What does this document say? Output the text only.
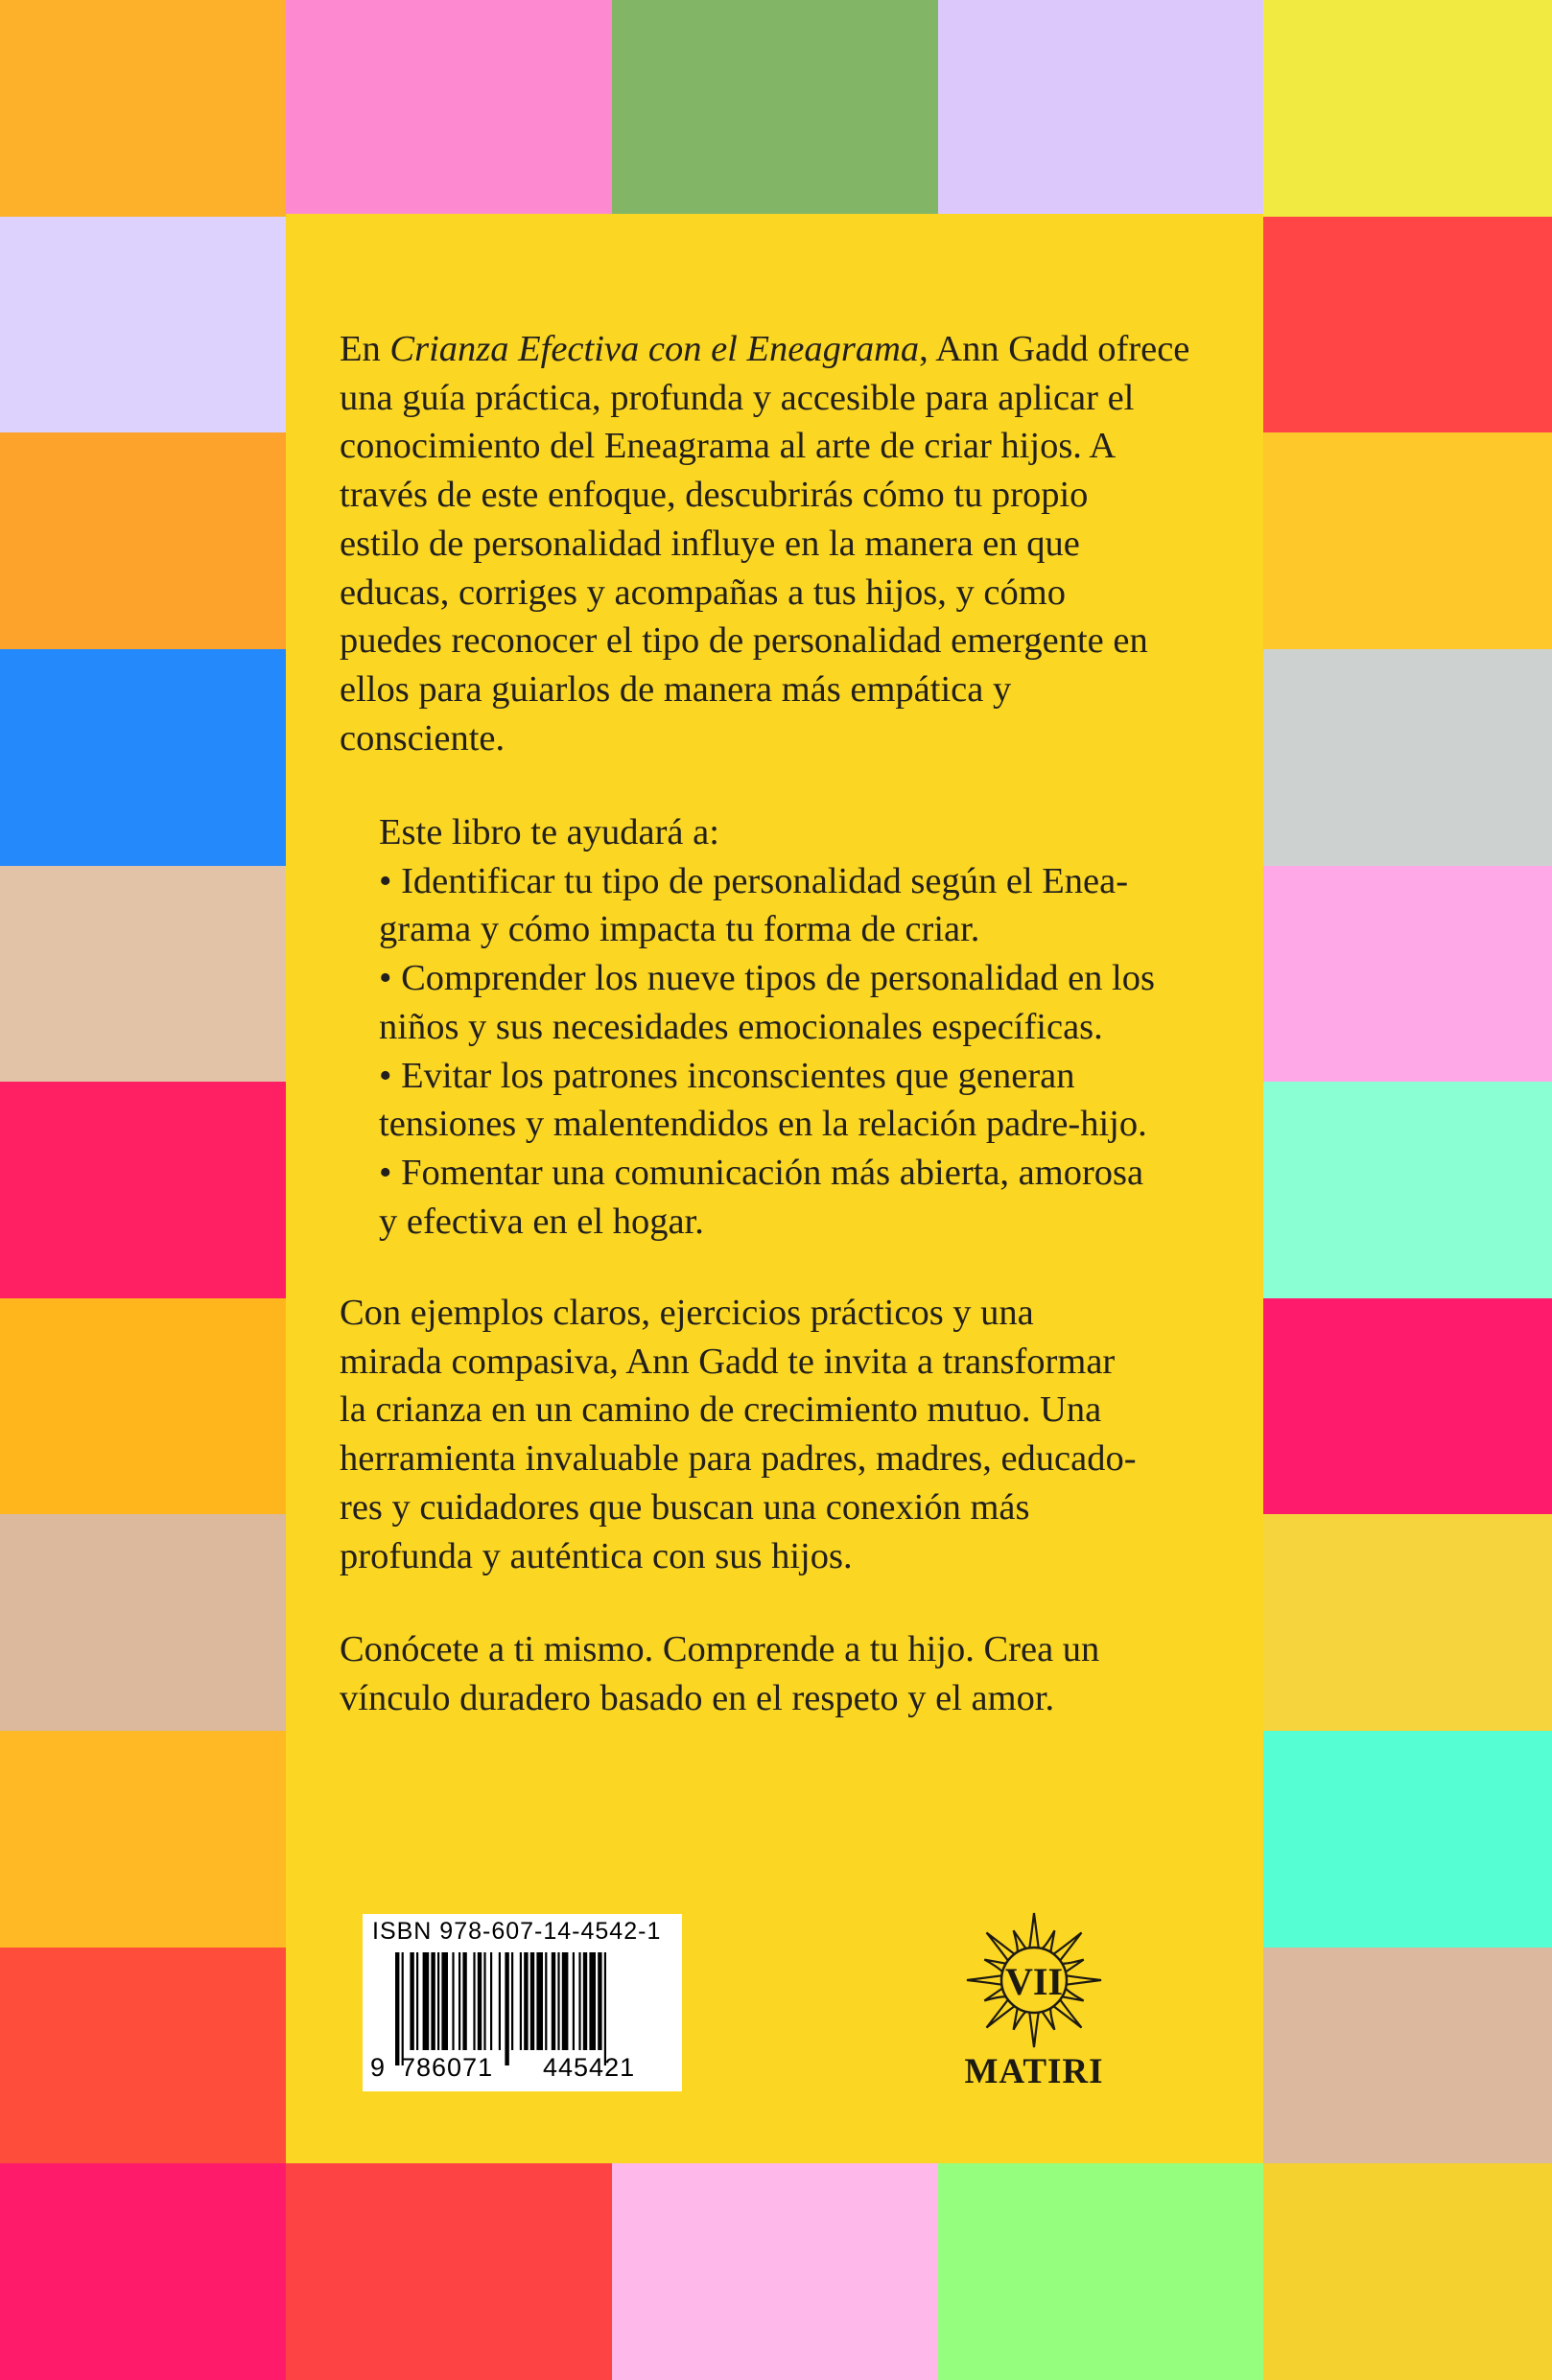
En Crianza Efectiva con el Eneagrama, Ann Gadd ofrece
una guía práctica, profunda y accesible para aplicar el
conocimiento del Eneagrama al arte de criar hijos. A
través de este enfoque, descubrirás cómo tu propio
estilo de personalidad influye en la manera en que
educas, corriges y acompañas a tus hijos, y cómo
puedes reconocer el tipo de personalidad emergente en
ellos para guiarlos de manera más empática y
consciente.
Este libro te ayudará a:
• Identificar tu tipo de personalidad según el Enea-
grama y cómo impacta tu forma de criar.
• Comprender los nueve tipos de personalidad en los
niños y sus necesidades emocionales específicas.
• Evitar los patrones inconscientes que generan
tensiones y malentendidos en la relación padre-hijo.
• Fomentar una comunicación más abierta, amorosa
y efectiva en el hogar.
Con ejemplos claros, ejercicios prácticos y una
mirada compasiva, Ann Gadd te invita a transformar
la crianza en un camino de crecimiento mutuo. Una
herramienta invaluable para padres, madres, educado-
res y cuidadores que buscan una conexión más
profunda y auténtica con sus hijos.
Conócete a ti mismo. Comprende a tu hijo. Crea un
vínculo duradero basado en el respeto y el amor.
ISBN 978-607-14-4542-1
9 786071 445421
VII
MATIRI
